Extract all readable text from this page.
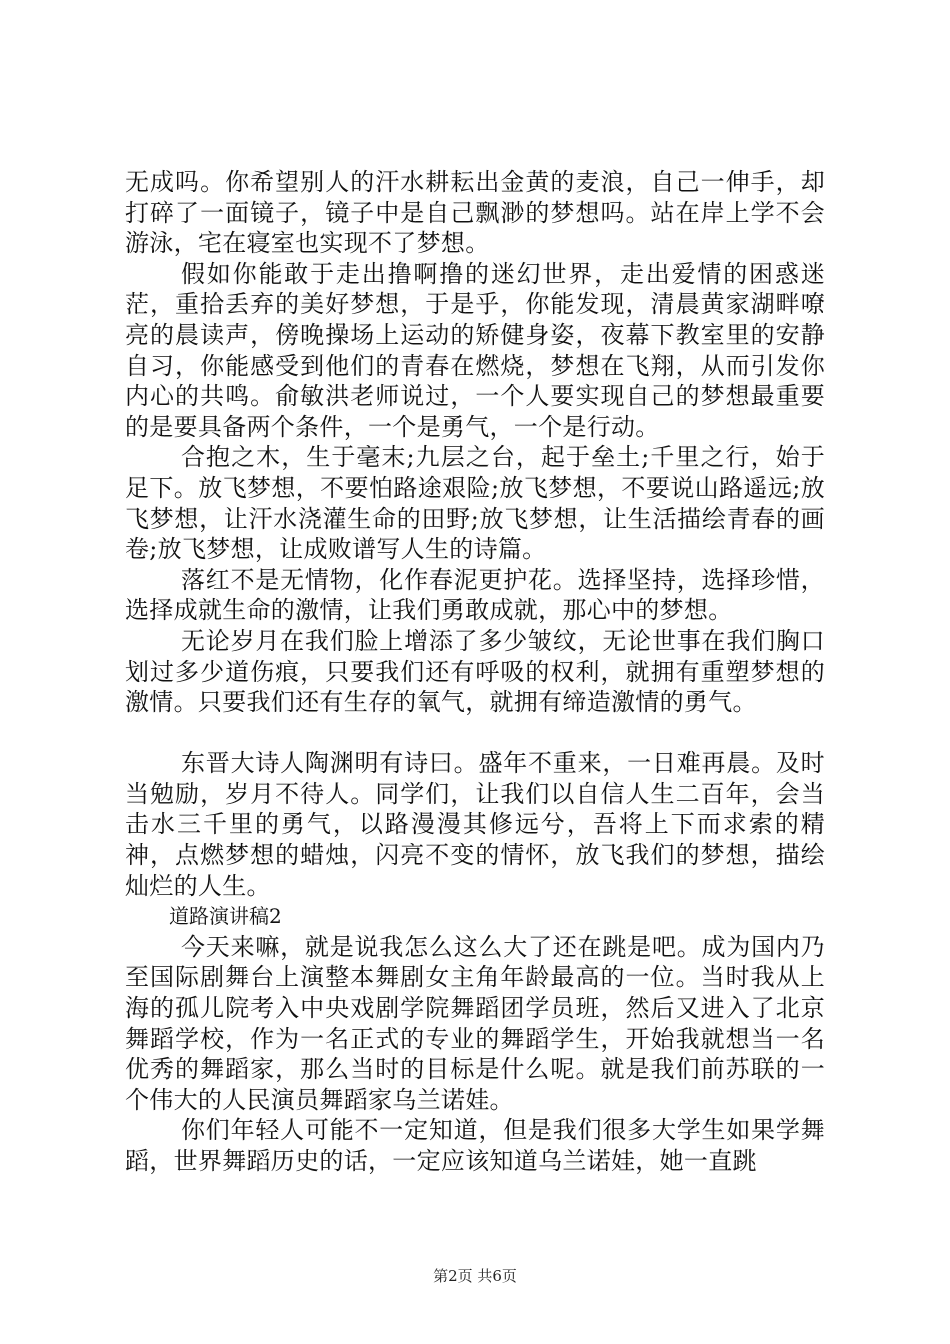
无成吗。你希望别人的汗水耕耘出金黄的麦浪，自己一伸手，却打碎了一面镜子，镜子中是自己飘渺的梦想吗。站在岸上学不会游泳，宅在寝室也实现不了梦想。

假如你能敢于走出撸啊撸的迷幻世界，走出爱情的困惑迷茫，重拾丢弃的美好梦想，于是乎，你能发现，清晨黄家湖畔嘹亮的晨读声，傍晚操场上运动的矫健身姿，夜幕下教室里的安静自习，你能感受到他们的青春在燃烧，梦想在飞翔，从而引发你内心的共鸣。俞敏洪老师说过，一个人要实现自己的梦想最重要的是要具备两个条件，一个是勇气，一个是行动。

合抱之木，生于毫末;九层之台，起于垒土;千里之行，始于足下。放飞梦想，不要怕路途艰险;放飞梦想，不要说山路遥远;放飞梦想，让汗水浇灌生命的田野;放飞梦想，让生活描绘青春的画卷;放飞梦想，让成败谱写人生的诗篇。

落红不是无情物，化作春泥更护花。选择坚持，选择珍惜，选择成就生命的激情，让我们勇敢成就，那心中的梦想。

无论岁月在我们脸上增添了多少皱纹，无论世事在我们胸口划过多少道伤痕，只要我们还有呼吸的权利，就拥有重塑梦想的激情。只要我们还有生存的氧气，就拥有缔造激情的勇气。

东晋大诗人陶渊明有诗曰。盛年不重来，一日难再晨。及时当勉励，岁月不待人。同学们，让我们以自信人生二百年，会当击水三千里的勇气，以路漫漫其修远兮，吾将上下而求索的精神，点燃梦想的蜡烛，闪亮不变的情怀，放飞我们的梦想，描绘灿烂的人生。

道路演讲稿2

今天来嘛，就是说我怎么这么大了还在跳是吧。成为国内乃至国际剧舞台上演整本舞剧女主角年龄最高的一位。当时我从上海的孤儿院考入中央戏剧学院舞蹈团学员班，然后又进入了北京舞蹈学校，作为一名正式的专业的舞蹈学生，开始我就想当一名优秀的舞蹈家，那么当时的目标是什么呢。就是我们前苏联的一个伟大的人民演员舞蹈家乌兰诺娃。

你们年轻人可能不一定知道，但是我们很多大学生如果学舞蹈，世界舞蹈历史的话，一定应该知道乌兰诺娃，她一直跳

第2页 共6页
